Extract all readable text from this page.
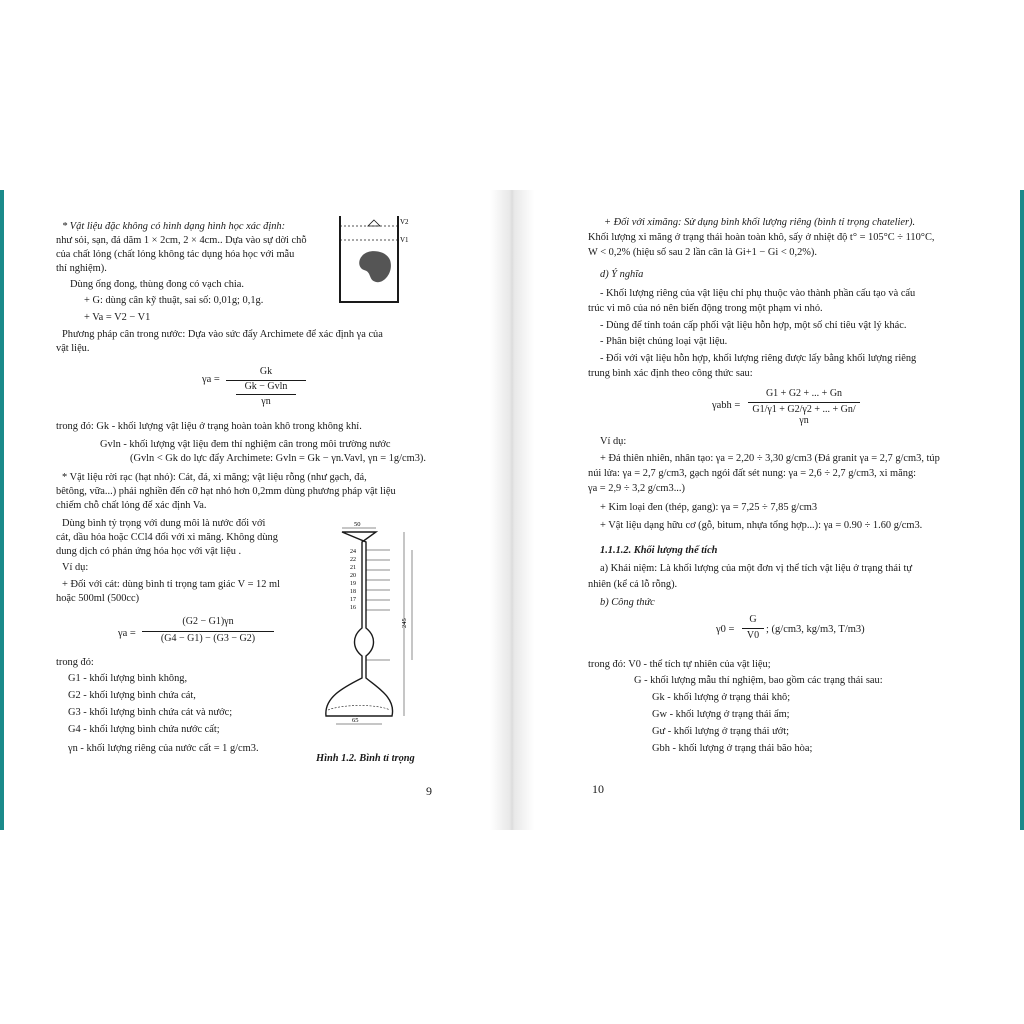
* Vật liệu đặc không có hình dạng hình học xác định:
như sỏi, sạn, đá dăm 1 × 2cm, 2 × 4cm.. Dựa vào sự dời chỗ
của chất lỏng (chất lỏng không tác dụng hóa học với mẫu
thí nghiệm).
Dùng ống đong, thùng đong có vạch chia.
+ G: dùng cân kỹ thuật, sai số: 0,01g; 0,1g.
+ Va = V2 − V1
Phương pháp cân trong nước: Dựa vào sức đẩy Archimete để xác định γa của
vật liệu.
V2
V1
γa =
Gk
Gk − Gvln
γn
trong đó: Gk - khối lượng vật liệu ở trạng hoàn toàn khô trong không khí.
Gvln - khối lượng vật liệu đem thí nghiệm cân trong môi trường nước
(Gvln < Gk do lực đẩy Archimete: Gvln = Gk − γn.Vavl, γn = 1g/cm3).
* Vật liệu rời rạc (hạt nhỏ): Cát, đá, xi măng; vật liệu rỗng (như gạch, đá,
bêtông, vữa...) phải nghiền đến cỡ hạt nhỏ hơn 0,2mm dùng phương pháp vật liệu
chiếm chỗ chất lỏng để xác định Va.
Dùng bình tỷ trọng với dung môi là nước đối với
cát, dầu hỏa hoặc CCl4 đối với xi măng. Không dùng
dung dịch có phản ứng hóa học với vật liệu .
Ví dụ:
+ Đối với cát: dùng bình tỉ trọng tam giác V = 12 ml
hoặc 500ml (500cc)
γa =
(G2 − G1)γn
(G4 − G1) − (G3 − G2)
trong đó:
G1 - khối lượng bình không,
G2 - khối lượng bình chứa cát,
G3 - khối lượng bình chứa cát và nước;
G4 - khối lượng bình chứa nước cất;
γn - khối lượng riêng của nước cất = 1 g/cm3.
50
245
65
24
22
21
20
19
18
17
16
Hình 1.2. Bình tỉ trọng
9
+ Đối với ximăng: Sử dụng bình khối lượng riêng (bình tỉ trọng chatelier).
Khối lượng xi măng ở trạng thái hoàn toàn khô, sấy ở nhiệt độ t° = 105°C ÷ 110°C,
W < 0,2% (hiệu số sau 2 lần cân là Gi+1 − Gi < 0,2%).
d) Ý nghĩa
- Khối lượng riêng của vật liệu chỉ phụ thuộc vào thành phần cấu tạo và cấu
trúc vi mô của nó nên biến động trong một phạm vi nhỏ.
- Dùng để tính toán cấp phối vật liệu hỗn hợp, một số chỉ tiêu vật lý khác.
- Phân biệt chủng loại vật liệu.
- Đối với vật liệu hỗn hợp, khối lượng riêng được lấy bằng khối lượng riêng
trung bình xác định theo công thức sau:
γabh =
G1 + G2 + ... + Gn
G1/γ1 + G2/γ2 + ... + Gn/γn
Ví dụ:
+ Đá thiên nhiên, nhân tạo: γa = 2,20 ÷ 3,30 g/cm3 (Đá granit γa = 2,7 g/cm3, túp
núi lửa: γa = 2,7 g/cm3, gạch ngói đất sét nung: γa = 2,6 ÷ 2,7 g/cm3, xi măng:
γa = 2,9 ÷ 3,2 g/cm3...)
+ Kim loại đen (thép, gang): γa = 7,25 ÷ 7,85 g/cm3
+ Vật liệu dạng hữu cơ (gỗ, bitum, nhựa tổng hợp...): γa = 0.90 ÷ 1.60 g/cm3.
1.1.1.2. Khối lượng thể tích
a) Khái niệm: Là khối lượng của một đơn vị thể tích vật liệu ở trạng thái tự
nhiên (kể cả lỗ rỗng).
b) Công thức
γ0 =
G
V0
; (g/cm3, kg/m3, T/m3)
trong đó: V0 - thể tích tự nhiên của vật liệu;
G - khối lượng mẫu thí nghiệm, bao gồm các trạng thái sau:
Gk - khối lượng ở trạng thái khô;
Gw - khối lượng ở trạng thái ẩm;
Gư - khối lượng ở trạng thái ướt;
Gbh - khối lượng ở trạng thái bão hòa;
10
